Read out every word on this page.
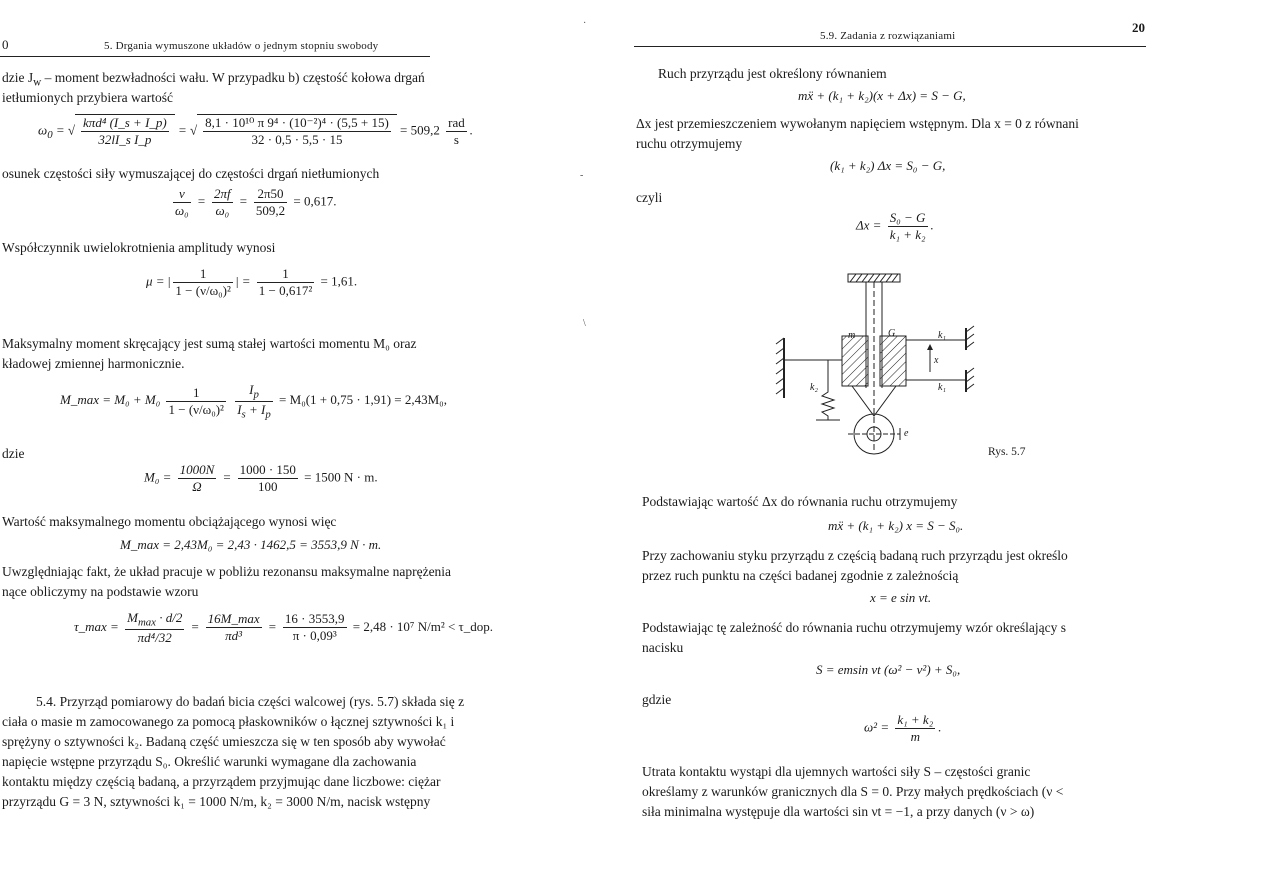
0	5. Drgania wymuszone układów o jednym stopniu swobody
dzie $J_w$ – moment bezwładności wału. W przypadku b) częstość kołowa drgań
ietłumionych przybiera wartość
$\omega_0$ = √ $\frac{\text{kπd⁴ (I\_s + I\_p)}}{\text{32lI\_s I\_p}}$ = √ $\frac{\text{8,1 · 10¹⁰ π 9⁴ · (10⁻²)⁴ · (5,5 + 15)}}{32 \cdot 0,5 \cdot 5,5 \cdot 15} = 509,2 \frac{\text{rad}}{s}$ .
osunek częstości siły wymuszającej do częstości drgań nietłumionych
$\frac{\nu}{\text{ω₀}} = \frac{2\pi f}{\text{ω₀}} = \frac{2\pi 50}{509,2} = 0,617$.
Współczynnik uwielokrotnienia amplitudy wynosi
μ = | $\frac{1}{\text{1 − (ν/ω₀)²}}$ | = $\frac{1}{\text{1 − 0,617²}} = 1,61$.
Maksymalny moment skręcający jest sumą stałej wartości momentu M₀ oraz
kładowej zmiennej harmonicznie.
M_max = $M_0 + M_0 \frac{1}{\text{1 − (ν/ω₀)²}}$
$\frac{I_p}{I_s + I_p} = M_0(1 + 0,75 \cdot 1,91) = 2,43M_0$,
dzie
$M_0 = \frac{1000N}{\Omega} = \frac{1000 \cdot 150}{100} = 1500$ N · m.
Wartość maksymalnego momentu obciążającego wynosi więc
M_max = 2,43M₀ = 2,43 · 1462,5 = 3553,9 N · m.
Uwzględniając fakt, że układ pracuje w pobliżu rezonansu maksymalne naprężenia
nące obliczymy na podstawie wzoru
τ_max = $\frac{M_{max} \cdot d/2}{\text{πd⁴/32}} = \frac{16M\_\max}{\text{πd³}} = \frac{16 \cdot 3553,9}{\text{π · 0,09³}} = 2,48 \cdot 10^7$ N/m² < τ_dop.
5.4. Przyrząd pomiarowy do badań bicia części walcowej (rys. 5.7) składa się z
ciała o masie m zamocowanego za pomocą płaskowników o łącznej sztywności k₁ i
sprężyny o sztywności k₂. Badaną część umieszcza się w ten sposób aby wywołać
napięcie wstępne przyrządu S₀. Określić warunki wymagane dla zachowania
kontaktu między częścią badaną, a przyrządem przyjmując dane liczbowe: ciężar
przyrządu G = 3 N, sztywności k₁ = 1000 N/m, k₂ = 3000 N/m, nacisk wstępny
·
-
\
5.9. Zadania z rozwiązaniami
20
Ruch przyrządu jest określony równaniem
mẍ + (k₁ + k₂)(x + Δx) = S − G,
Δx jest przemieszczeniem wywołanym napięciem wstępnym. Dla x = 0 z równani
ruchu otrzymujemy
(k₁ + k₂) Δx = S₀ − G,
czyli
$\Delta x = \frac{\text{S₀ − G}}{\text{k₁ + k₂}}$ .
m	G	k₁
k₁
x
k₂
e
Rys. 5.7
Podstawiając wartość Δx do równania ruchu otrzymujemy
mẍ + (k₁ + k₂) x = S − S₀.
Przy zachowaniu styku przyrządu z częścią badaną ruch przyrządu jest określo
przez ruch punktu na części badanej zgodnie z zależnością
x = e sin νt.
Podstawiając tę zależność do równania ruchu otrzymujemy wzór określający s
nacisku
S = emsin νt (ω² − ν²) + S₀,
gdzie
$\omega^2 = \frac{\text{k₁ + k₂}}{m}$ .
Utrata kontaktu wystąpi dla ujemnych wartości siły S – częstości granic
określamy z warunków granicznych dla S = 0. Przy małych prędkościach (ν <
siła minimalna występuje dla wartości sin νt = −1, a przy danych (ν > ω)
